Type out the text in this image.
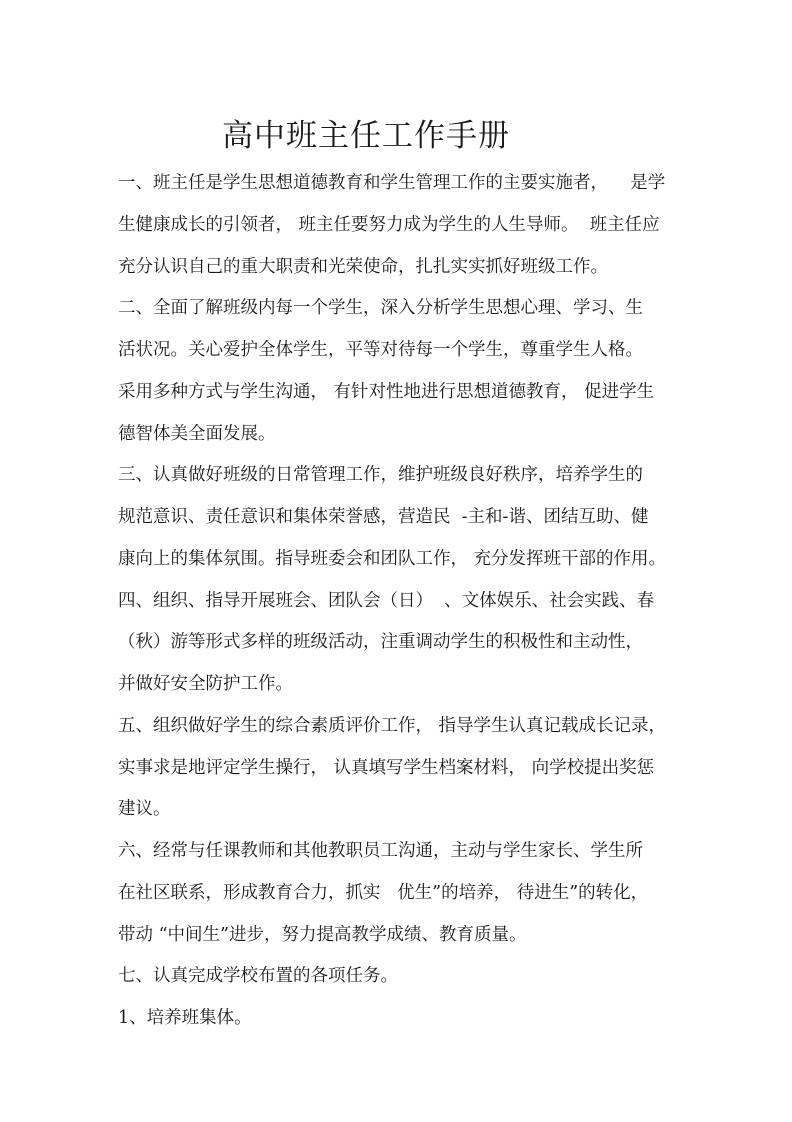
高中班主任工作手册
一、班主任是学生思想道德教育和学生管理工作的主要实施者，    是学
生健康成长的引领者， 班主任要努力成为学生的人生导师。  班主任应
充分认识自己的重大职责和光荣使命，扎扎实实抓好班级工作。
二、全面了解班级内每一个学生，深入分析学生思想心理、学习、生
活状况。关心爱护全体学生，平等对待每一个学生，尊重学生人格。
采用多种方式与学生沟通， 有针对性地进行思想道德教育， 促进学生
德智体美全面发展。
三、认真做好班级的日常管理工作，维护班级良好秩序，培养学生的
规范意识、责任意识和集体荣誉感，营造民  -主和-谐、团结互助、健
康向上的集体氛围。指导班委会和团队工作， 充分发挥班干部的作用。
四、组织、指导开展班会、团队会（日）  、文体娱乐、社会实践、春
（秋）游等形式多样的班级活动，注重调动学生的积极性和主动性，
并做好安全防护工作。
五、组织做好学生的综合素质评价工作， 指导学生认真记载成长记录，
实事求是地评定学生操行， 认真填写学生档案材料， 向学校提出奖惩
建议。
六、经常与任课教师和其他教职员工沟通，主动与学生家长、学生所
在社区联系，形成教育合力，抓实   优生”的培养， 待进生”的转化，
带动 “中间生”进步，努力提高教学成绩、教育质量。
七、认真完成学校布置的各项任务。
1、培养班集体。
